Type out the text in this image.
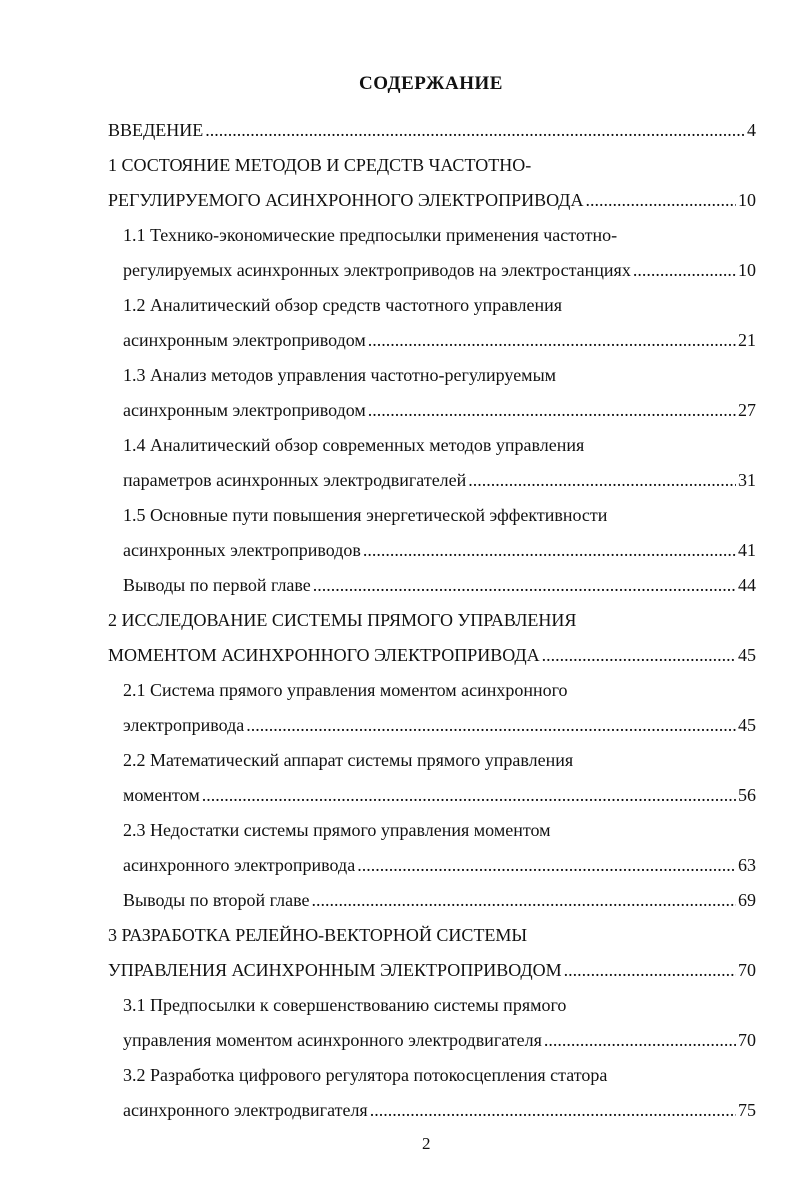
СОДЕРЖАНИЕ
ВВЕДЕНИЕ .....	4
1 СОСТОЯНИЕ МЕТОДОВ И СРЕДСТВ ЧАСТОТНО-
РЕГУЛИРУЕМОГО АСИНХРОННОГО ЭЛЕКТРОПРИВОДА .....	10
1.1 Технико-экономические предпосылки применения частотно-
регулируемых асинхронных электроприводов на электростанциях .....	10
1.2 Аналитический обзор средств частотного управления
асинхронным электроприводом .....	21
1.3 Анализ методов управления частотно-регулируемым
асинхронным электроприводом .....	27
1.4 Аналитический обзор современных методов управления
параметров асинхронных электродвигателей .....	31
1.5 Основные пути повышения энергетической эффективности
асинхронных электроприводов .....	41
Выводы по первой главе .....	44
2 ИССЛЕДОВАНИЕ СИСТЕМЫ ПРЯМОГО УПРАВЛЕНИЯ
МОМЕНТОМ АСИНХРОННОГО ЭЛЕКТРОПРИВОДА .....	45
2.1 Система прямого управления моментом асинхронного
электропривода .....	45
2.2 Математический аппарат системы прямого управления
моментом .....	56
2.3 Недостатки системы прямого управления моментом
асинхронного электропривода .....	63
Выводы по второй главе .....	69
3 РАЗРАБОТКА РЕЛЕЙНО-ВЕКТОРНОЙ СИСТЕМЫ
УПРАВЛЕНИЯ АСИНХРОННЫМ ЭЛЕКТРОПРИВОДОМ .....	70
3.1 Предпосылки к совершенствованию системы прямого
управления моментом асинхронного электродвигателя .....	70
3.2 Разработка цифрового регулятора потокосцепления статора
асинхронного электродвигателя .....	75
2
